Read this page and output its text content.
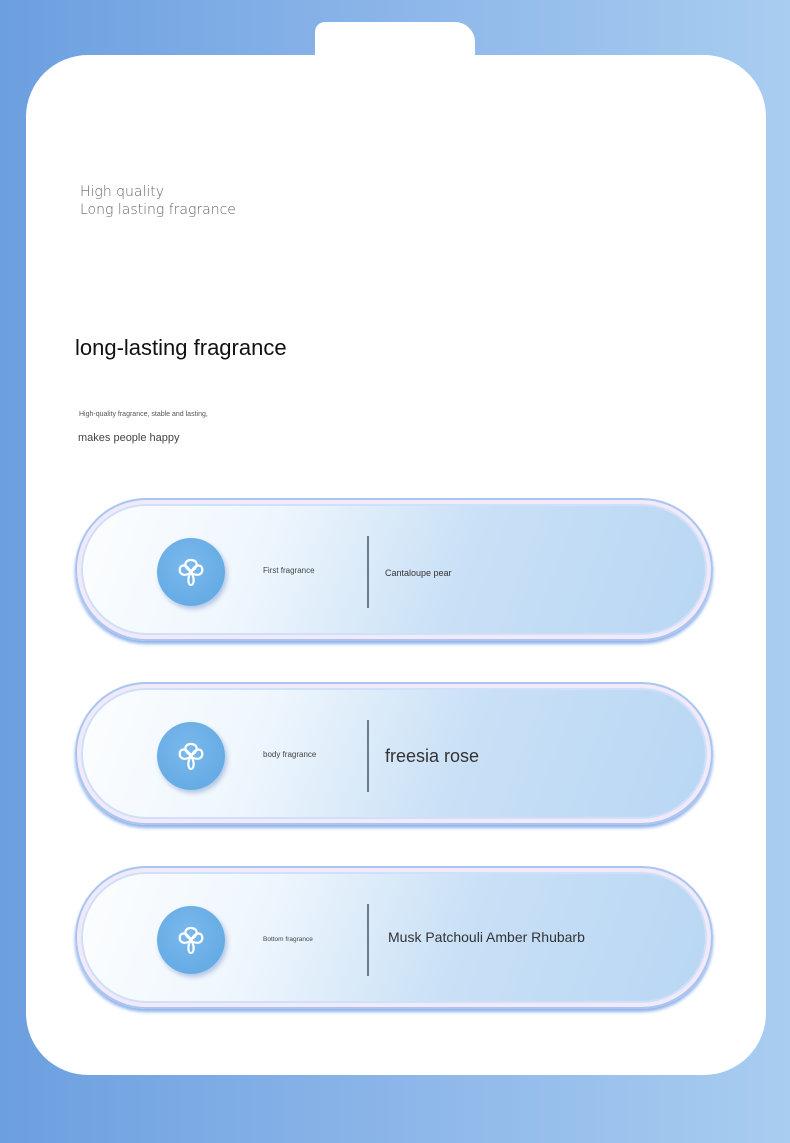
High quality
Long lasting fragrance
long-lasting fragrance
High-quality fragrance, stable and lasting,
makes people happy
First fragrance	Cantaloupe pear
body fragrance	freesia rose
Bottom fragrance	Musk Patchouli Amber Rhubarb
